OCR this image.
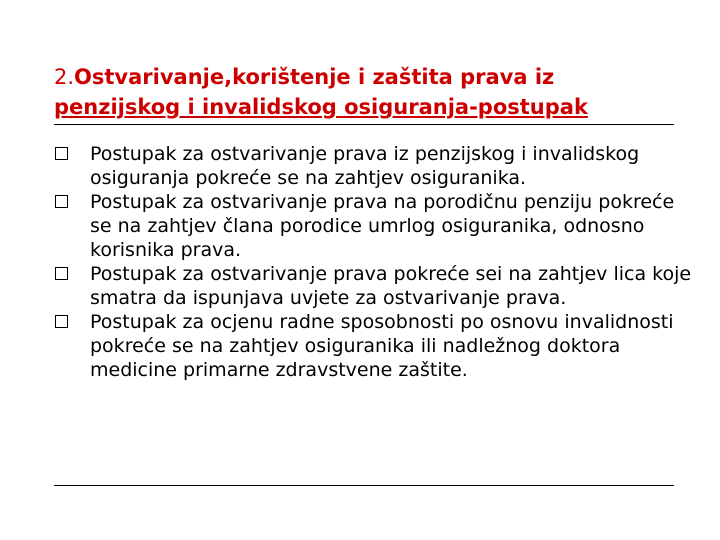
2.Ostvarivanje,korištenje i zaštita prava iz
penzijskog i invalidskog osiguranja-postupak
Postupak za ostvarivanje prava iz penzijskog i invalidskog osiguranja pokreće se na zahtjev osiguranika.
Postupak za ostvarivanje prava na porodičnu penziju pokreće se na zahtjev člana porodice umrlog osiguranika, odnosno korisnika prava.
Postupak za ostvarivanje prava pokreće sei na zahtjev lica koje smatra da ispunjava uvjete za ostvarivanje prava.
Postupak za ocjenu radne sposobnosti po osnovu invalidnosti pokreće se na zahtjev osiguranika ili nadležnog doktora medicine primarne zdravstvene zaštite.
